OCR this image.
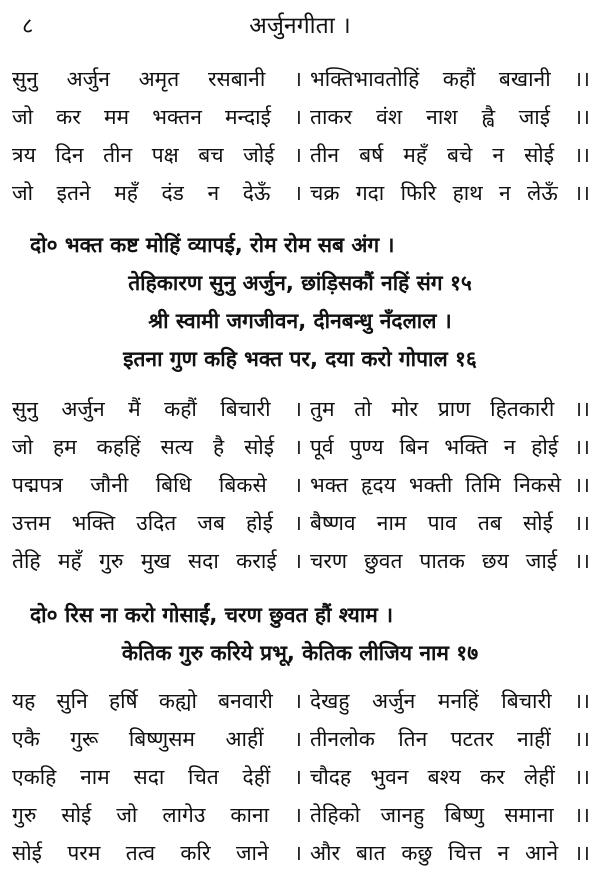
८	अर्जुनगीता ।
सुनु अर्जुन अमृत रसबानी । भक्तिभावतोहिं कहौं बखानी ।।
जो कर मम भक्तन मन्दाई । ताकर वंश नाश ह्वै जाई ।।
त्रय दिन तीन पक्ष बच जोई । तीन बर्ष महँ बचे न सोई ।।
जो इतने महँ दंड न देऊँ । चक्र गदा फिरि हाथ न लेऊँ ।।
दो० भक्त कष्ट मोहिं व्यापई, रोम रोम सब अंग ।
तेहिकारण सुनु अर्जुन, छांड़िसकौं नहिं संग १५
श्री स्वामी जगजीवन, दीनबन्धु नँदलाल ।
इतना गुण कहि भक्त पर, दया करो गोपाल १६
सुनु अर्जुन मैं कहौं बिचारी । तुम तो मोर प्राण हितकारी ।।
जो हम कहहिं सत्य है सोई । पूर्व पुण्य बिन भक्ति न होई ।।
पद्मपत्र जौनी बिधि बिकसे । भक्त हृदय भक्ती तिमि निकसे ।।
उत्तम भक्ति उदित जब होई । बैष्णव नाम पाव तब सोई ।।
तेहि महँ गुरु मुख सदा कराई । चरण छुवत पातक छय जाई ।।
दो० रिस ना करो गोसाईं, चरण छुवत हौं श्याम ।
केतिक गुरु करिये प्रभू, केतिक लीजिय नाम १७
यह सुनि हर्षि कह्यो बनवारी । देखहु अर्जुन मनहिं बिचारी ।।
एकै गुरू बिष्णुसम आहीं । तीनलोक तिन पटतर नाहीं ।।
एकहि नाम सदा चित देहीं । चौदह भुवन बश्य कर लेहीं ।।
गुरु सोई जो लागेउ काना । तेहिको जानहु बिष्णु समाना ।।
सोई परम तत्व करि जाने । और बात कछु चित्त न आने ।।
